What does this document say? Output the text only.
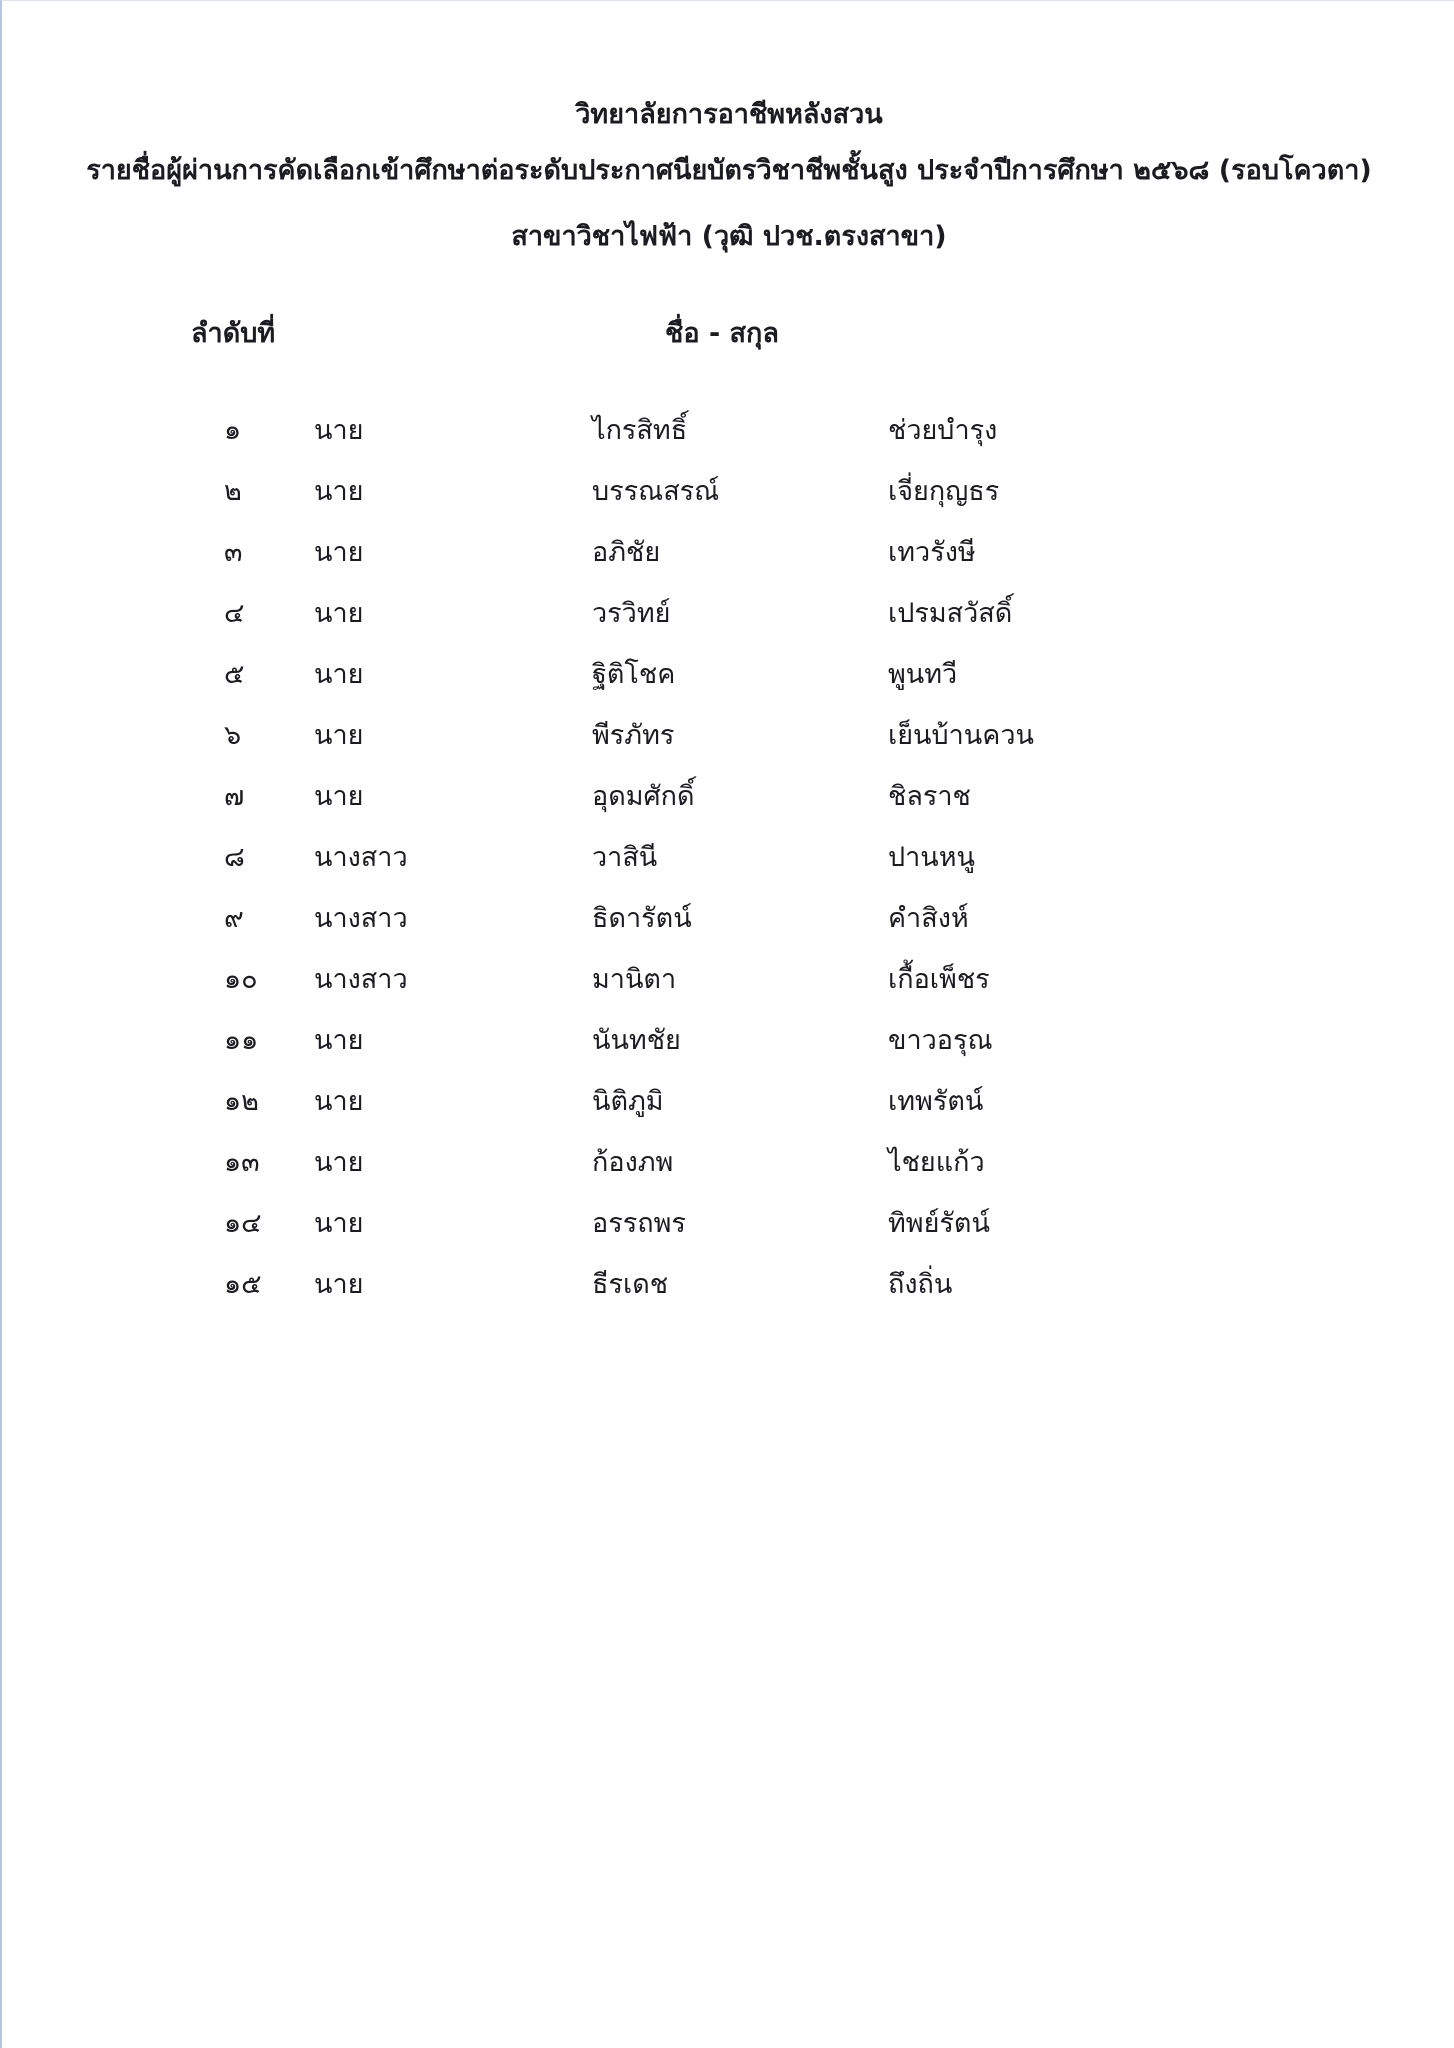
วิทยาลัยการอาชีพหลังสวน
รายชื่อผู้ผ่านการคัดเลือกเข้าศึกษาต่อระดับประกาศนียบัตรวิชาชีพชั้นสูง ประจำปีการศึกษา ๒๕๖๘ (รอบโควตา)
สาขาวิชาไฟฟ้า (วุฒิ ปวช.ตรงสาขา)
ลำดับที่	ชื่อ - สกุล
๑	นาย	ไกรสิทธิ์	ช่วยบำรุง
๒	นาย	บรรณสรณ์	เจี่ยกุญธร
๓	นาย	อภิชัย	เทวรังษี
๔	นาย	วรวิทย์	เปรมสวัสดิ์
๕	นาย	ฐิติโชค	พูนทวี
๖	นาย	พีรภัทร	เย็นบ้านควน
๗	นาย	อุดมศักดิ์	ชิลราช
๘	นางสาว	วาสินี	ปานหนู
๙	นางสาว	ธิดารัตน์	คำสิงห์
๑๐ นางสาว	มานิตา	เกื้อเพ็ชร
๑๑ นาย	นันทชัย	ขาวอรุณ
๑๒ นาย	นิติภูมิ	เทพรัตน์
๑๓ นาย	ก้องภพ	ไชยแก้ว
๑๔ นาย	อรรถพร	ทิพย์รัตน์
๑๕ นาย	ธีรเดช	ถึงถิ่น
